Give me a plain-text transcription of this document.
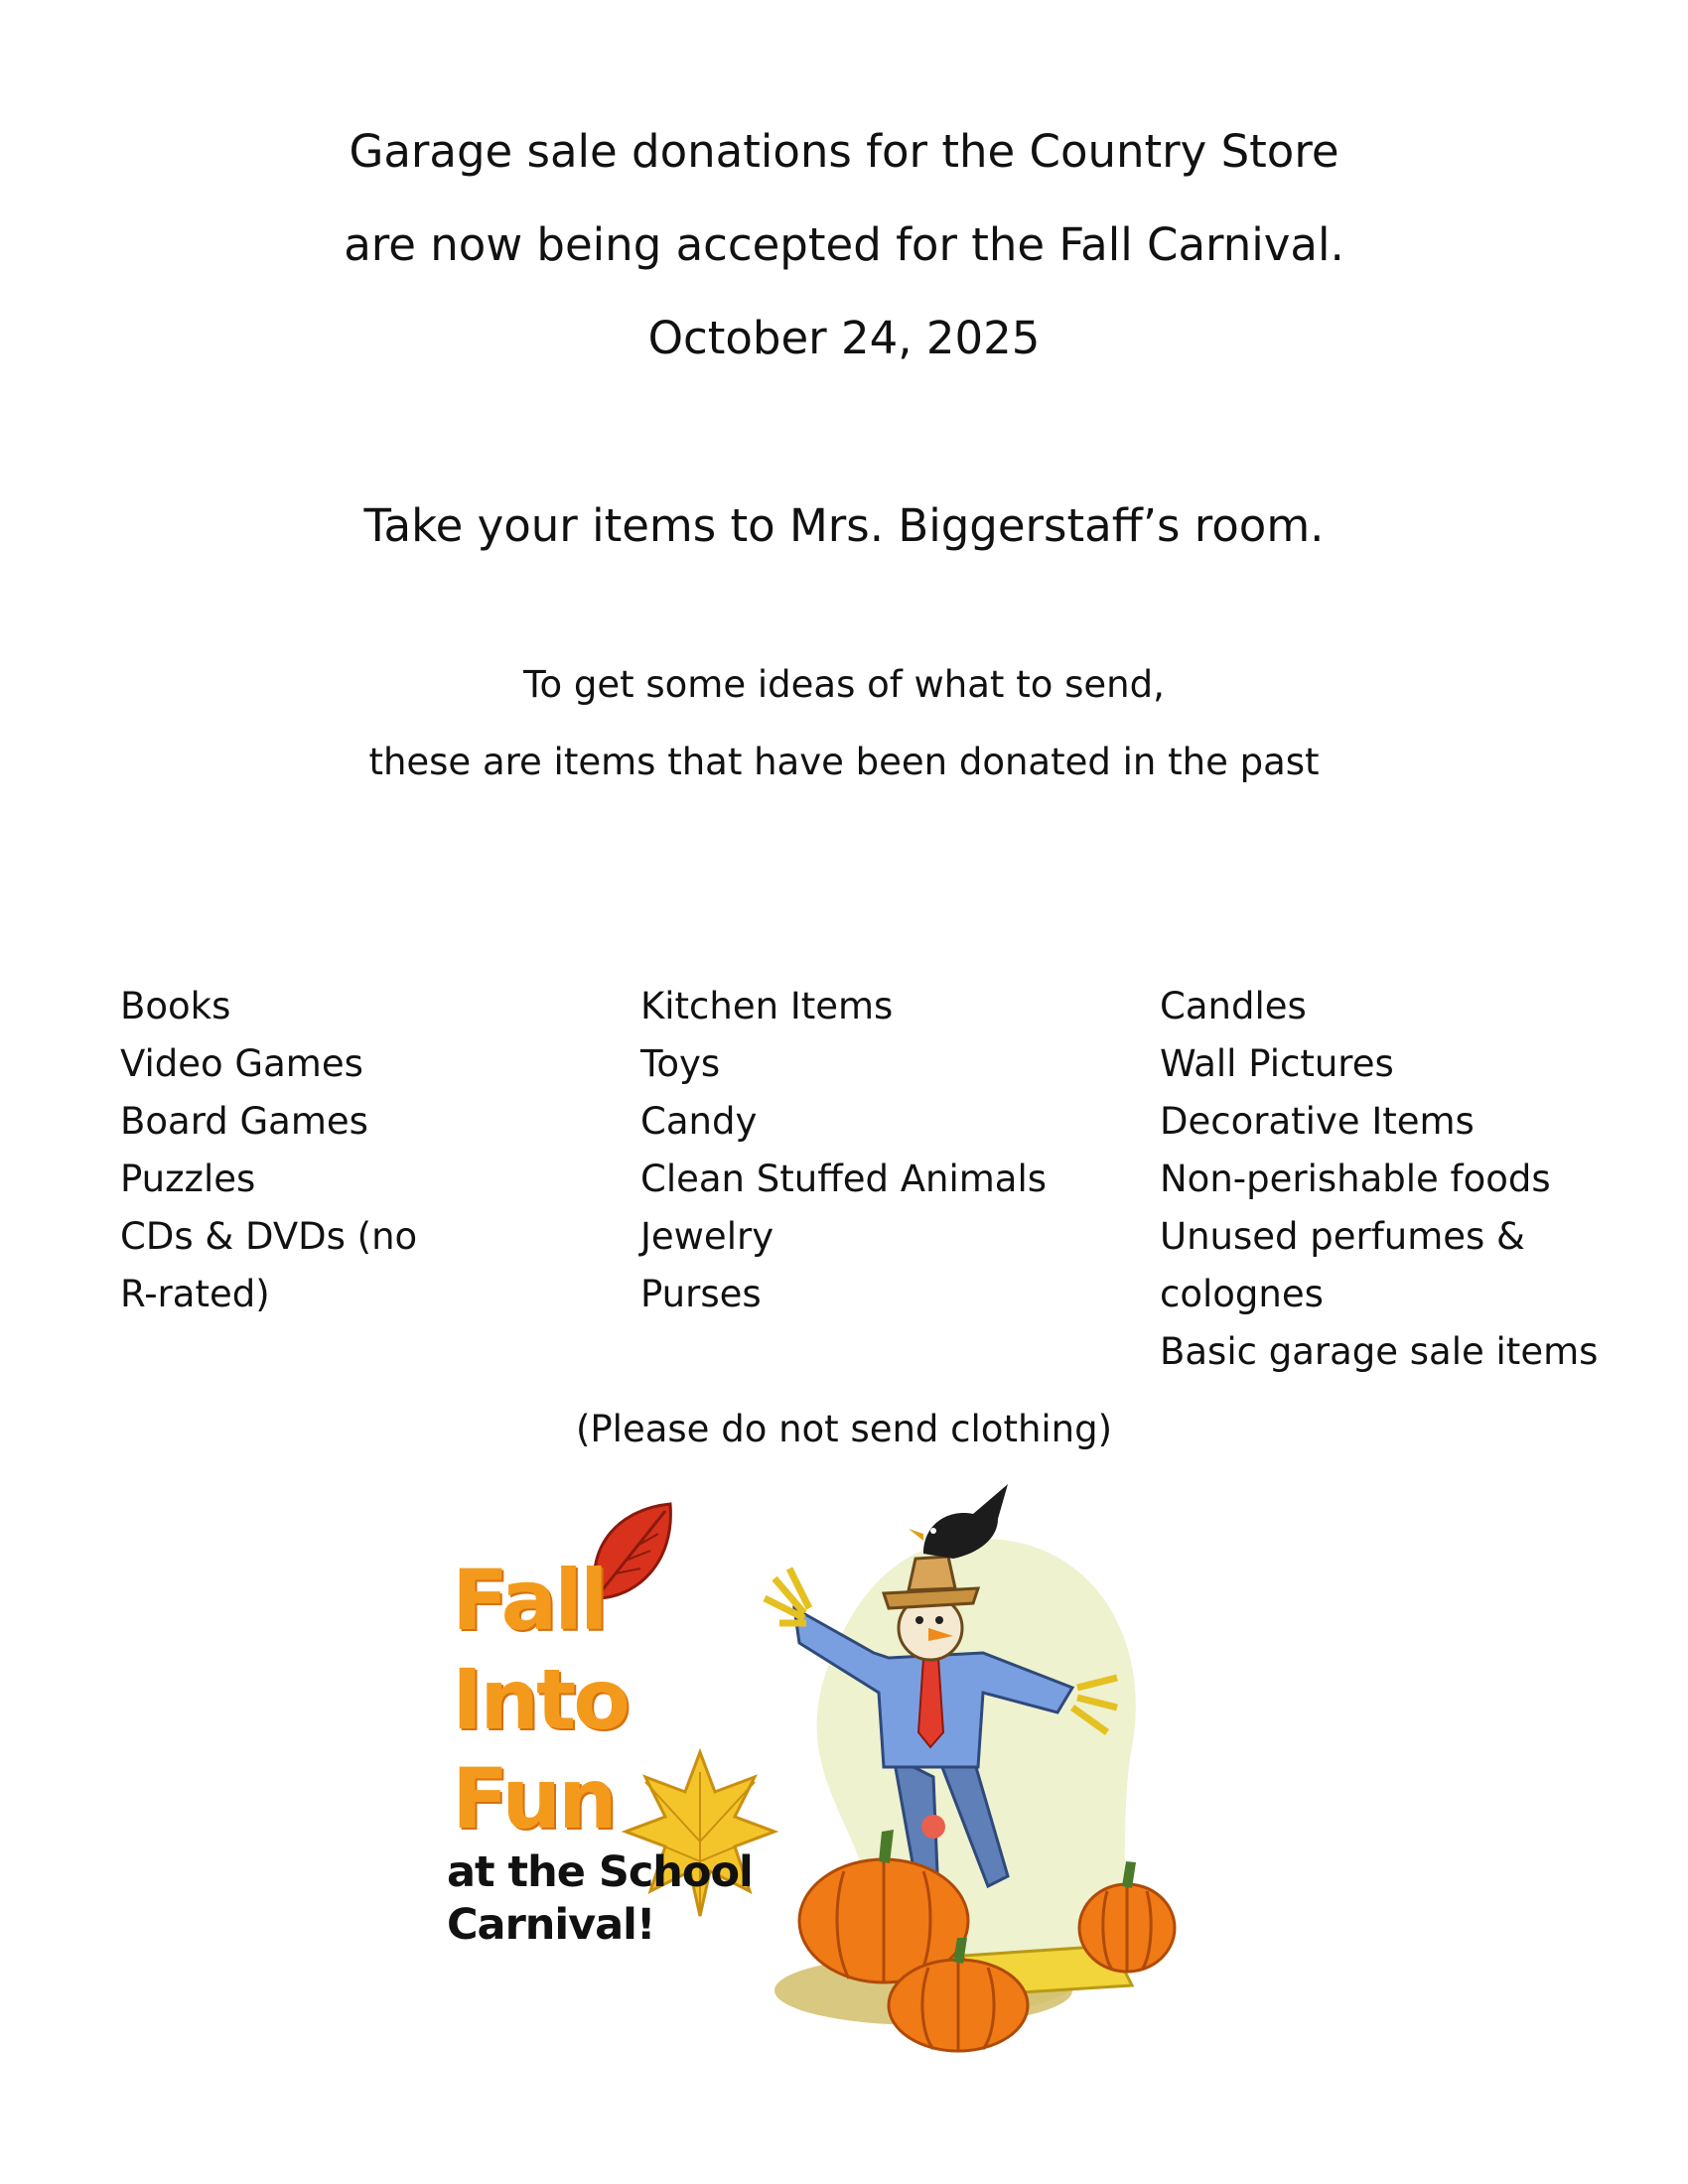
Garage sale donations for the Country Store
are now being accepted for the Fall Carnival.
October 24, 2025
Take your items to Mrs. Biggerstaff’s room.
To get some ideas of what to send,
these are items that have been donated in the past
Books
Video Games
Board Games
Puzzles
CDs & DVDs (no
R-rated)
Kitchen Items
Toys
Candy
Clean Stuffed Animals
Jewelry
Purses
Candles
Wall Pictures
Decorative Items
Non-perishable foods
Unused perfumes &
colognes
Basic garage sale items
(Please do not send clothing)
Fall
Into
Fun
at the School
Carnival!
